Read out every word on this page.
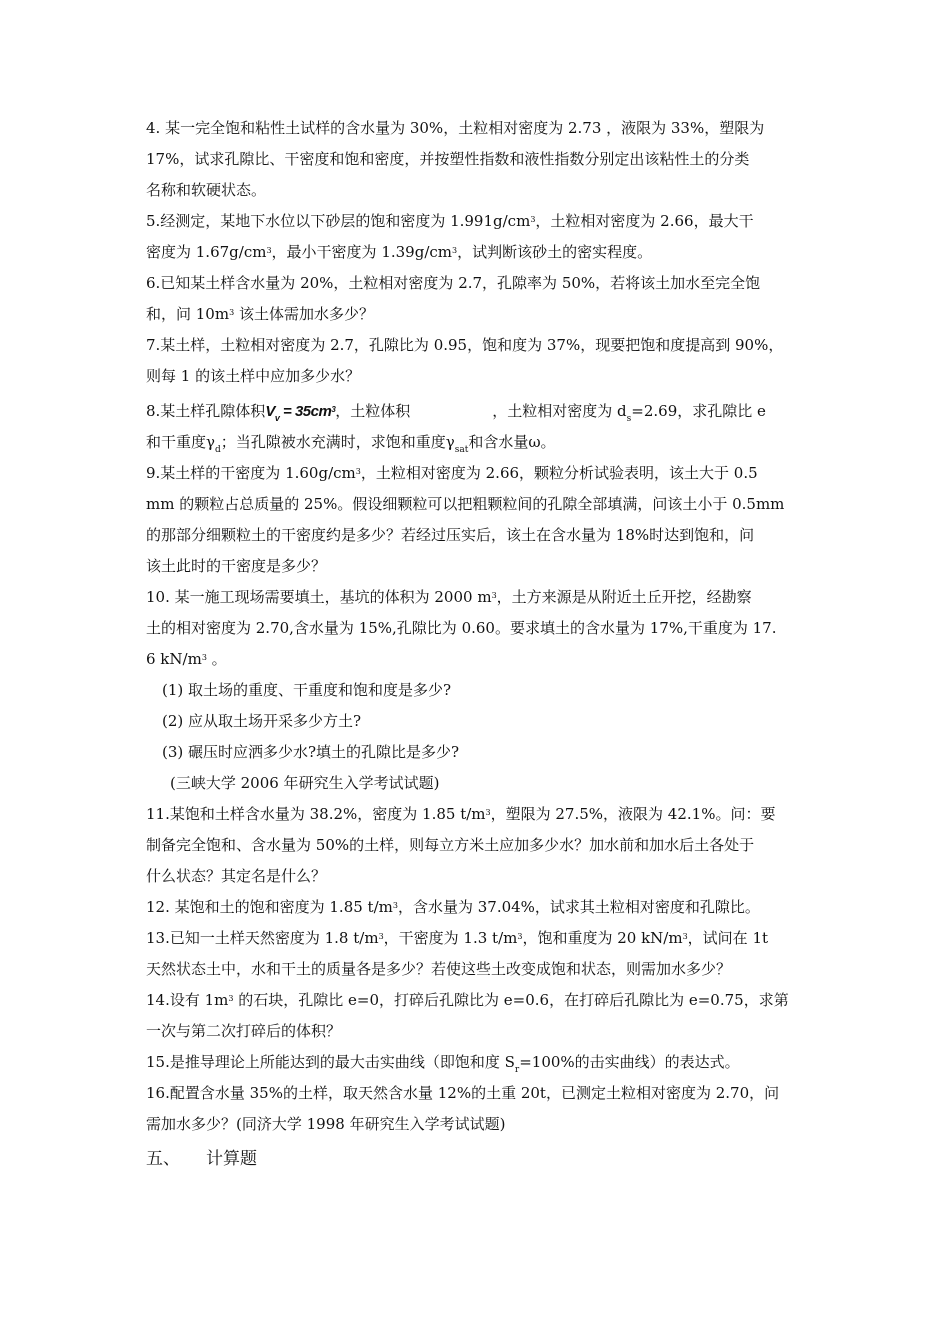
4. 某一完全饱和粘性土试样的含水量为 30%，土粒相对密度为 2.73 ，液限为 33%，塑限为

17%，试求孔隙比、干密度和饱和密度，并按塑性指数和液性指数分别定出该粘性土的分类

名称和软硬状态。

5.经测定，某地下水位以下砂层的饱和密度为 $1.991g/cm^3$，土粒相对密度为 2.66，最大干

密度为 $1.67g/cm^3$，最小干密度为 $1.39g/cm^3$，试判断该砂土的密实程度。

6.已知某土样含水量为 20%，土粒相对密度为 2.7，孔隙率为 50%，若将该土加水至完全饱

和，问 $10m^3$ 该土体需加水多少？

7.某土样，土粒相对密度为 2.7，孔隙比为 0.95，饱和度为 37%，现要把饱和度提高到 90%，

则每 1 的该土样中应加多少水？

8.某土样孔隙体积$V_v = 35cm^3$，土粒体积	，土粒相对密度为 $d_s=2.69$，求孔隙比 e

和干重度$\gamma_d$；当孔隙被水充满时，求饱和重度$\gamma_{sat}$和含水量ω。

9.某土样的干密度为 $1.60g/cm^3$，土粒相对密度为 2.66，颗粒分析试验表明，该土大于 0.5

mm 的颗粒占总质量的 25%。假设细颗粒可以把粗颗粒间的孔隙全部填满，问该土小于 0.5mm

的那部分细颗粒土的干密度约是多少？若经过压实后，该土在含水量为 18%时达到饱和，问

该土此时的干密度是多少？

10. 某一施工现场需要填土，基坑的体积为 2000 $m^3$，土方来源是从附近土丘开挖，经勘察

土的相对密度为 2.70,含水量为 15%,孔隙比为 0.60。要求填土的含水量为 17%,干重度为 17.

6 $kN/m^3$ 。

(1) 取土场的重度、干重度和饱和度是多少?

(2) 应从取土场开采多少方土?

(3) 碾压时应洒多少水?填土的孔隙比是多少?

(三峡大学 2006 年研究生入学考试试题)

11.某饱和土样含水量为 38.2%，密度为 1.85 $t/m^3$，塑限为 27.5%，液限为 42.1%。问：要

制备完全饱和、含水量为 50%的土样，则每立方米土应加多少水？加水前和加水后土各处于

什么状态？其定名是什么？

12. 某饱和土的饱和密度为 1.85 $t/m^3$，含水量为 37.04%，试求其土粒相对密度和孔隙比。

13.已知一土样天然密度为 1.8 $t/m^3$，干密度为 1.3 $t/m^3$，饱和重度为 20 $kN/m^3$，试问在 1t

天然状态土中，水和干土的质量各是多少？若使这些土改变成饱和状态，则需加水多少？

14.设有 $1m^3$ 的石块，孔隙比 e=0，打碎后孔隙比为 e=0.6，在打碎后孔隙比为 e=0.75，求第

一次与第二次打碎后的体积？

15.是推导理论上所能达到的最大击实曲线（即饱和度 $S_r=100\%$的击实曲线）的表达式。

16.配置含水量 35%的土样，取天然含水量 12%的土重 20t，已测定土粒相对密度为 2.70，问

需加水多少？(同济大学 1998 年研究生入学考试试题)

五、 计算题
